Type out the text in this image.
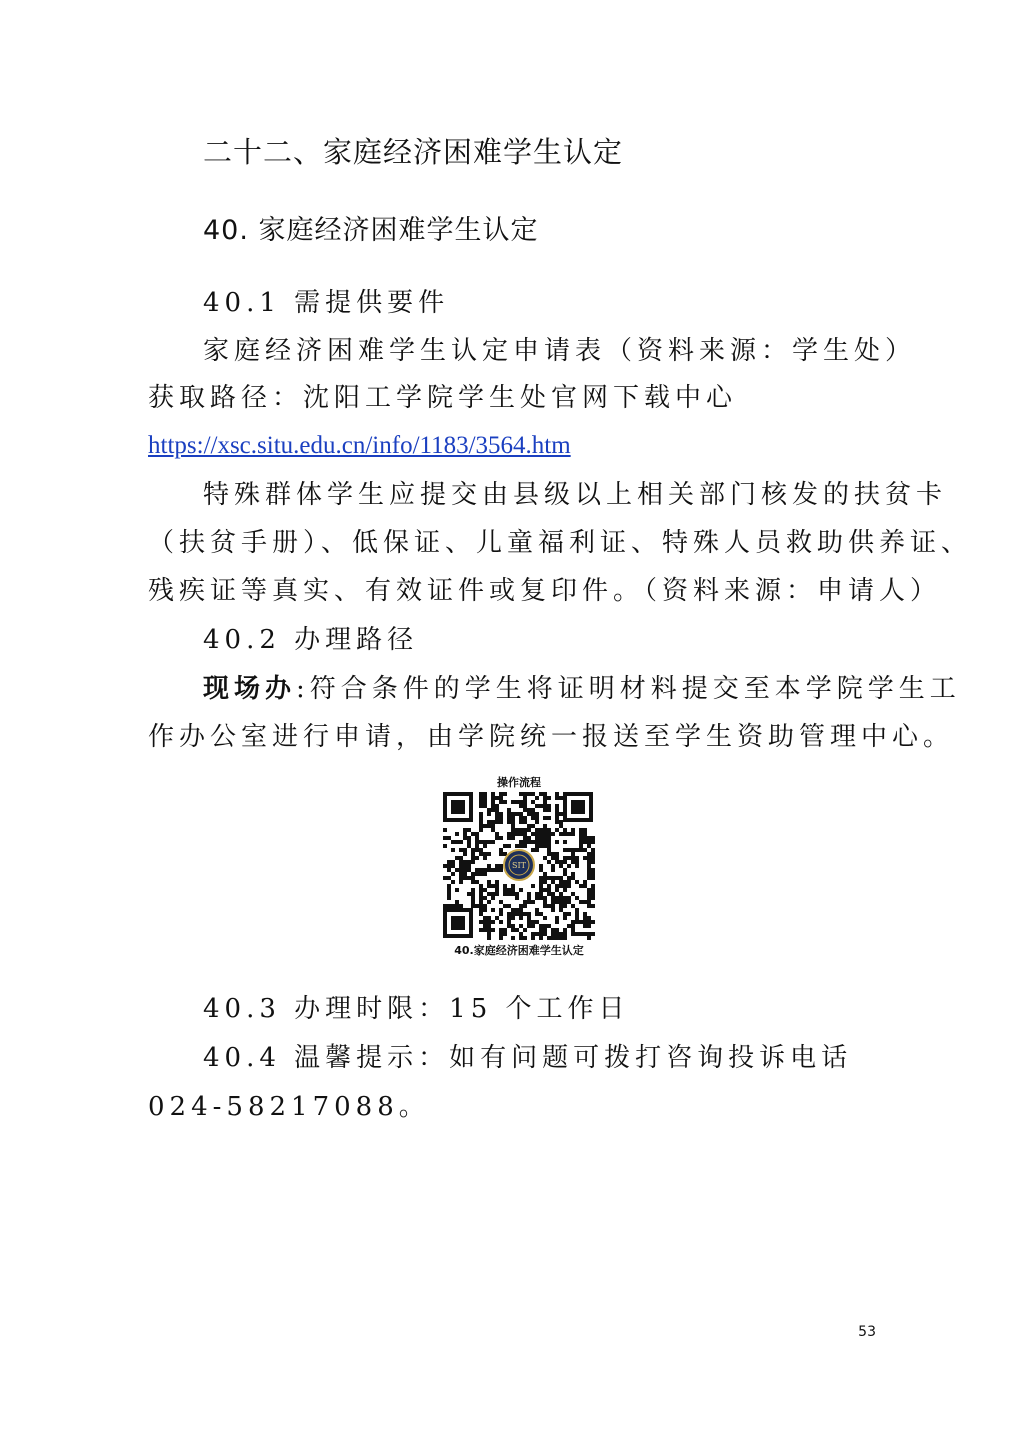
二十二、家庭经济困难学生认定
40. 家庭经济困难学生认定
40.1 需提供要件
家庭经济困难学生认定申请表（资料来源：学生处）
获取路径：沈阳工学院学生处官网下载中心
https://xsc.situ.edu.cn/info/1183/3564.htm
特殊群体学生应提交由县级以上相关部门核发的扶贫卡
（扶贫手册）、低保证、儿童福利证、特殊人员救助供养证、
残疾证等真实、有效证件或复印件。（资料来源：申请人）
40.2 办理路径
现场办:符合条件的学生将证明材料提交至本学院学生工
作办公室进行申请，由学院统一报送至学生资助管理中心。
操作流程
SIT
40.家庭经济困难学生认定
40.3 办理时限：15 个工作日
40.4 温馨提示：如有问题可拨打咨询投诉电话
024-58217088。
53
